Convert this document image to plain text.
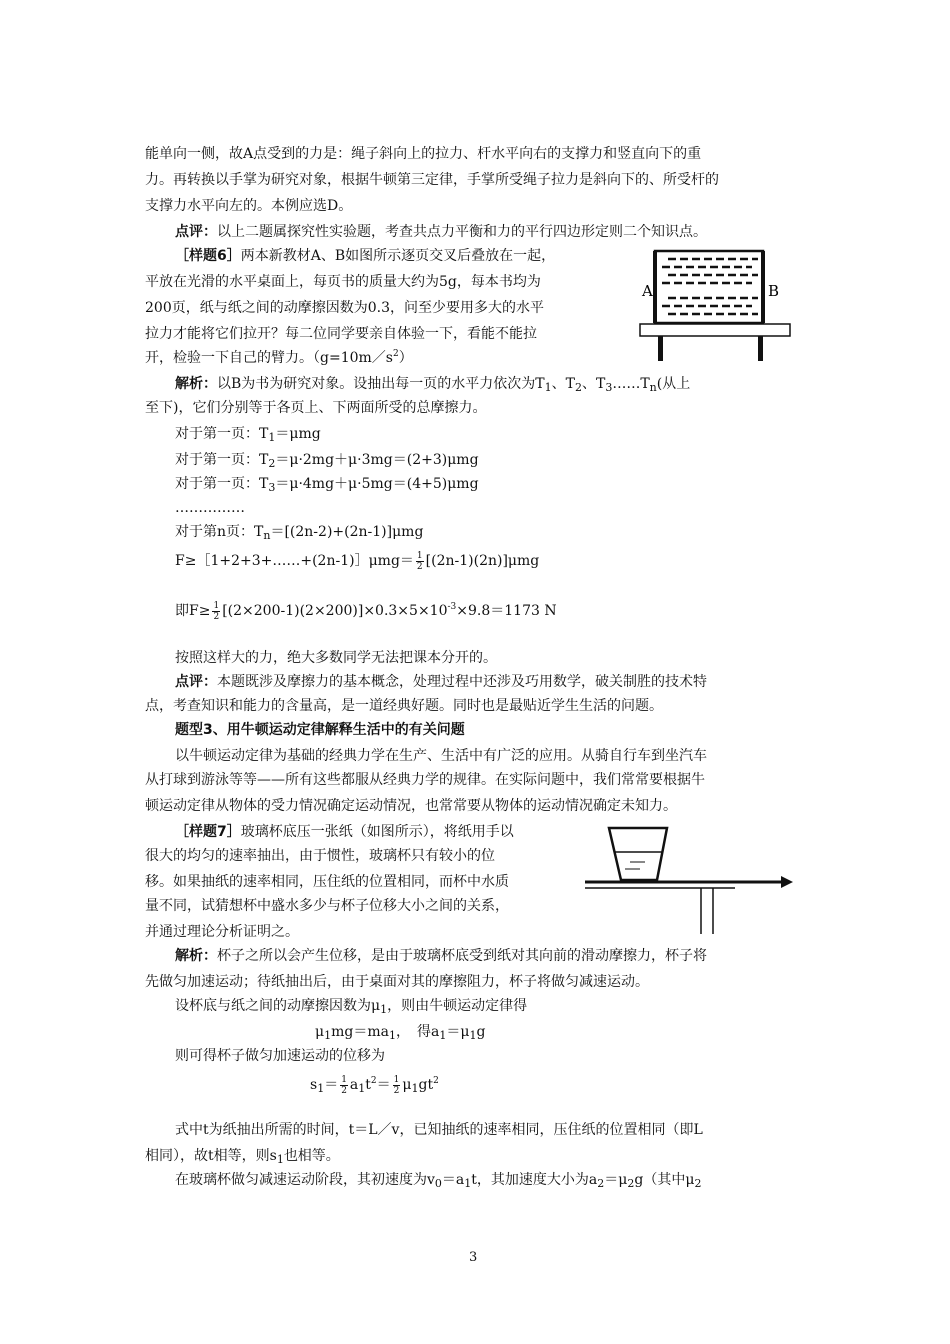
能单向一侧，故A点受到的力是：绳子斜向上的拉力、杆水平向右的支撑力和竖直向下的重
力。再转换以手掌为研究对象，根据牛顿第三定律，手掌所受绳子拉力是斜向下的、所受杆的
支撑力水平向左的。本例应选D。
点评：以上二题属探究性实验题，考查共点力平衡和力的平行四边形定则二个知识点。
［样题6］两本新教材A、B如图所示逐页交叉后叠放在一起，
平放在光滑的水平桌面上，每页书的质量大约为5g，每本书均为
200页，纸与纸之间的动摩擦因数为0.3，问至少要用多大的水平
拉力才能将它们拉开？每二位同学要亲自体验一下，看能不能拉
开，检验一下自己的臂力。$(g=10m/s^2)$
解析：以B为书为研究对象。设抽出每一页的水平力依次为$T_1$、$T_2$、$T_3\dots\dots T_n$(从上
至下)，它们分别等于各页上、下两面所受的总摩擦力。
对于第一页：$T_1=\mu mg$
对于第一页：$T_2=\mu\cdot 2mg+\mu\cdot 3mg=(2+3)\mu mg$
对于第一页：$T_3=\mu\cdot 4mg+\mu\cdot 5mg=(4+5)\mu mg$
……………
对于第n页：$T_n=[(2n-2)+(2n-1)]\mu mg$
F≥［1+2+3+……+(2n-1)］μmg＝ $\frac{1}{2} [(2n-1)(2n)]\mu mg$
即$F\ge \frac{1}{2} [(2\times 200-1)(2\times 200)]\times 0.3\times 5\times 10^{-3}\times 9.8=1173$ N
按照这样大的力，绝大多数同学无法把课本分开的。
点评：本题既涉及摩擦力的基本概念，处理过程中还涉及巧用数学，破关制胜的技术特
点，考查知识和能力的含量高，是一道经典好题。同时也是最贴近学生生活的问题。
题型3、用牛顿运动定律解释生活中的有关问题
以牛顿运动定律为基础的经典力学在生产、生活中有广泛的应用。从骑自行车到坐汽车
从打球到游泳等等——所有这些都服从经典力学的规律。在实际问题中，我们常常要根据牛
顿运动定律从物体的受力情况确定运动情况，也常常要从物体的运动情况确定未知力。
［样题7］玻璃杯底压一张纸（如图所示），将纸用手以
很大的均匀的速率抽出，由于惯性，玻璃杯只有较小的位
移。如果抽纸的速率相同，压住纸的位置相同，而杯中水质
量不同，试猜想杯中盛水多少与杯子位移大小之间的关系，
并通过理论分析证明之。
解析：杯子之所以会产生位移，是由于玻璃杯底受到纸对其向前的滑动摩擦力，杯子将
先做匀加速运动；待纸抽出后，由于桌面对其的摩擦阻力，杯子将做匀减速运动。
设杯底与纸之间的动摩擦因数为$\mu_1$，则由牛顿运动定律得
$\mu_1mg=ma_1$，　得$a_1=\mu_1g$
则可得杯子做匀加速运动的位移为
$s_1= \frac{1}{2} a_1t^2= \frac{1}{2} \mu_1gt^2$
式中t为纸抽出所需的时间，t＝L／v，已知抽纸的速率相同，压住纸的位置相同（即L
相同），故t相等，则$s_1$也相等。
在玻璃杯做匀减速运动阶段，其初速度为$v_0=a_1t$，其加速度大小为$a_2=\mu_2g$（其中$\mu_2$
A	B
3
